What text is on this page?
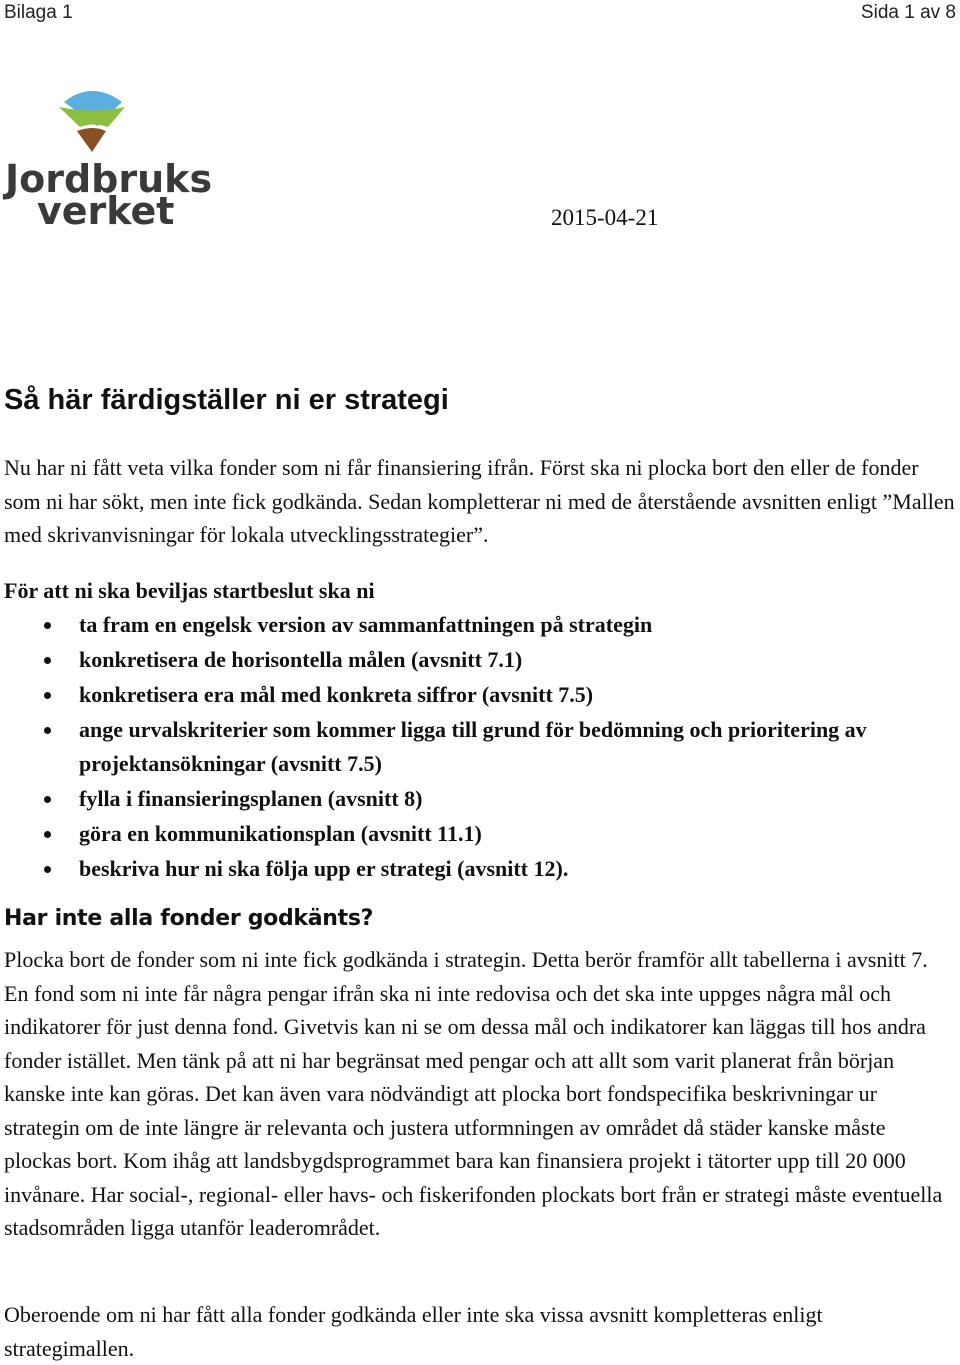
Bilaga 1	Sida 1 av 8
Jordbruks
verket	2015-04-21
Så här färdigställer ni er strategi

Nu har ni fått veta vilka fonder som ni får finansiering ifrån. Först ska ni plocka bort den eller de fonder som ni har sökt, men inte fick godkända. Sedan kompletterar ni med de återstående avsnitten enligt ”Mallen med skrivanvisningar för lokala utvecklingsstrategier”.

För att ni ska beviljas startbeslut ska ni

ta fram en engelsk version av sammanfattningen på strategin
konkretisera de horisontella målen (avsnitt 7.1)
konkretisera era mål med konkreta siffror (avsnitt 7.5)
ange urvalskriterier som kommer ligga till grund för bedömning och prioritering av projektansökningar (avsnitt 7.5)
fylla i finansieringsplanen (avsnitt 8)
göra en kommunikationsplan (avsnitt 11.1)
beskriva hur ni ska följa upp er strategi (avsnitt 12).
Har inte alla fonder godkänts?

Plocka bort de fonder som ni inte fick godkända i strategin. Detta berör framför allt tabellerna i avsnitt 7. En fond som ni inte får några pengar ifrån ska ni inte redovisa och det ska inte uppges några mål och indikatorer för just denna fond. Givetvis kan ni se om dessa mål och indikatorer kan läggas till hos andra fonder istället. Men tänk på att ni har begränsat med pengar och att allt som varit planerat från början kanske inte kan göras. Det kan även vara nödvändigt att plocka bort fondspecifika beskrivningar ur strategin om de inte längre är relevanta och justera utformningen av området då städer kanske måste plockas bort. Kom ihåg att landsbygdsprogrammet bara kan finansiera projekt i tätorter upp till 20 000 invånare. Har social-, regional- eller havs- och fiskerifonden plockats bort från er strategi måste eventuella stadsområden ligga utanför leaderområdet.

Oberoende om ni har fått alla fonder godkända eller inte ska vissa avsnitt kompletteras enligt strategimallen.
